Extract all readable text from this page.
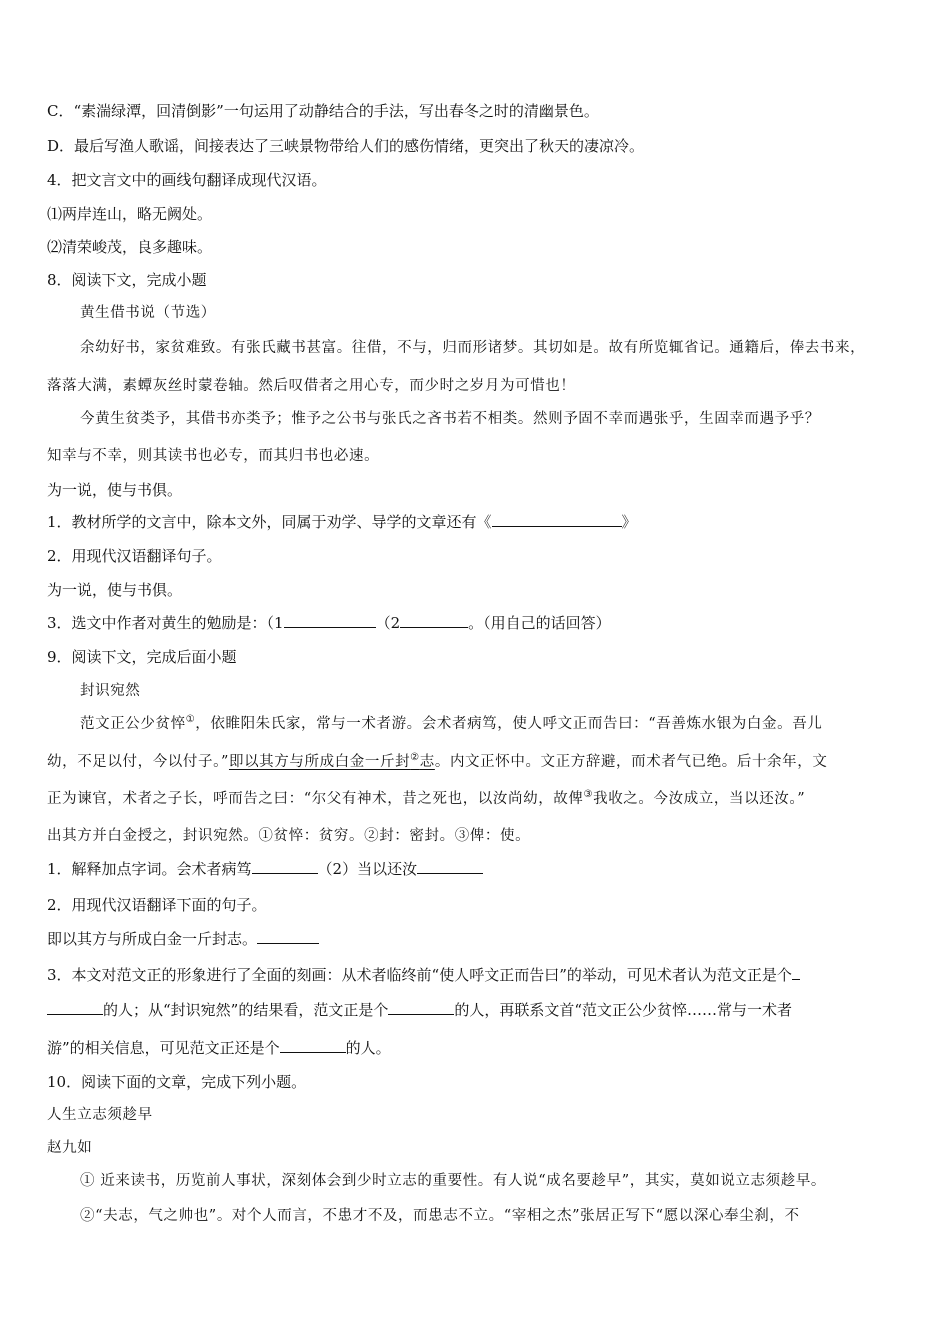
C．“素湍绿潭，回清倒影”一句运用了动静结合的手法，写出春冬之时的清幽景色。
D．最后写渔人歌谣，间接表达了三峡景物带给人们的感伤情绪，更突出了秋天的凄凉冷。
4．把文言文中的画线句翻译成现代汉语。
⑴两岸连山，略无阙处。
⑵清荣峻茂，良多趣味。
8．阅读下文，完成小题
黄生借书说（节选）
余幼好书，家贫难致。有张氏藏书甚富。往借，不与，归而形诸梦。其切如是。故有所览辄省记。通籍后，俸去书来，
落落大满，素蟫灰丝时蒙卷轴。然后叹借者之用心专，而少时之岁月为可惜也！
今黄生贫类予，其借书亦类予；惟予之公书与张氏之吝书若不相类。然则予固不幸而遇张乎，生固幸而遇予乎？
知幸与不幸，则其读书也必专，而其归书也必速。
为一说，使与书俱。
1．教材所学的文言中，除本文外，同属于劝学、导学的文章还有《	》
2．用现代汉语翻译句子。
为一说，使与书俱。
3．选文中作者对黄生的勉励是：（1	（2	。（用自己的话回答）
9．阅读下文，完成后面小题
封识宛然
范文正公少贫悴①，依睢阳朱氏家，常与一术者游。会术者病笃，使人呼文正而告曰：“吾善炼水银为白金。吾儿
幼，不足以付，今以付子。”即以其方与所成白金一斤封②志。内文正怀中。文正方辞避，而术者气已绝。后十余年，文
正为谏官，术者之子长，呼而告之曰：“尔父有神术，昔之死也，以汝尚幼，故俾③我收之。今汝成立，当以还汝。”
出其方并白金授之，封识宛然。①贫悴：贫穷。②封：密封。③俾：使。
1．解释加点字词。会术者病笃	（2）当以还汝
2．用现代汉语翻译下面的句子。
即以其方与所成白金一斤封志。
3．本文对范文正的形象进行了全面的刻画：从术者临终前“使人呼文正而告曰”的举动，可见术者认为范文正是个
的人；从“封识宛然”的结果看，范文正是个	的人，再联系文首“范文正公少贫悴……常与一术者
游”的相关信息，可见范文正还是个	的人。
10．阅读下面的文章，完成下列小题。
人生立志须趁早
赵九如
① 近来读书，历览前人事状，深刻体会到少时立志的重要性。有人说“成名要趁早”，其实，莫如说立志须趁早。
②“夫志，气之帅也”。对个人而言，不患才不及，而患志不立。“宰相之杰”张居正写下“愿以深心奉尘刹，不
